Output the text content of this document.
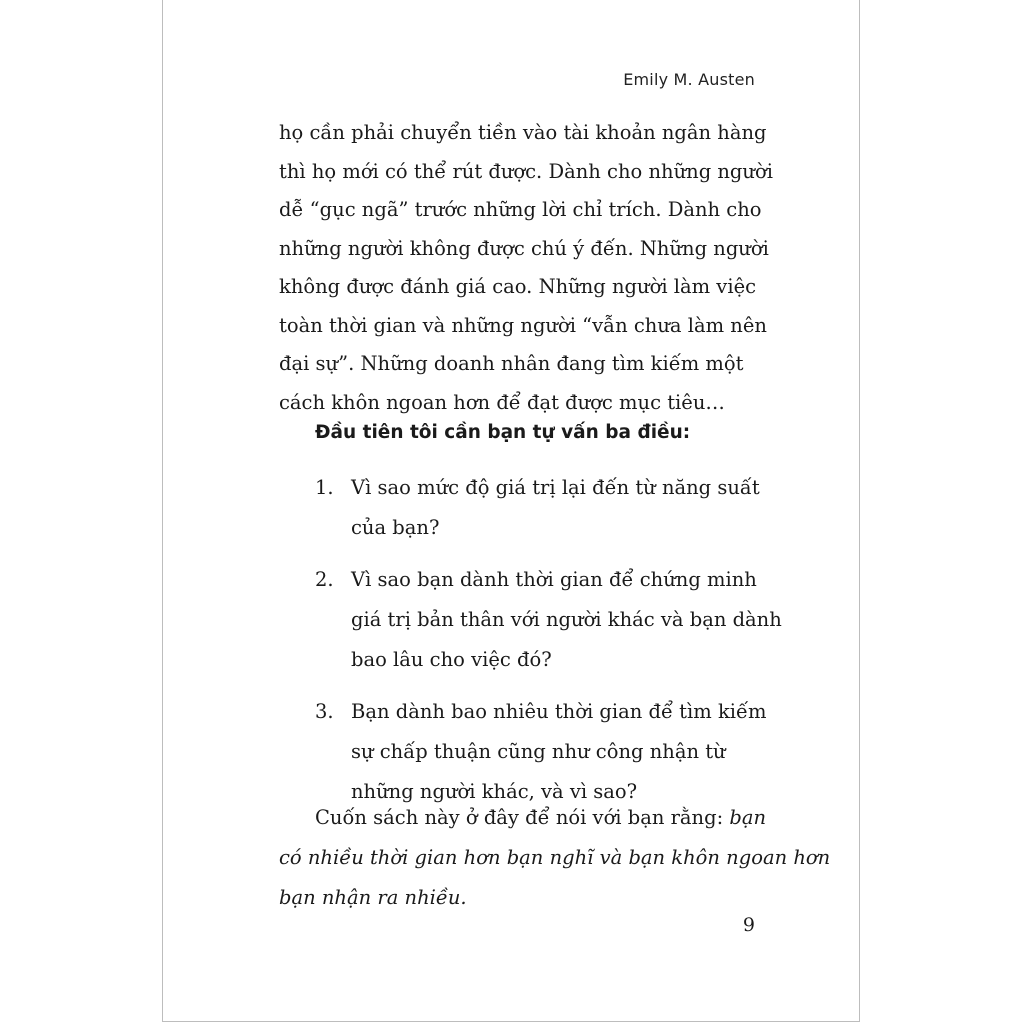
Emily M. Austen
họ cần phải chuyển tiền vào tài khoản ngân hàng
thì họ mới có thể rút được. Dành cho những người
dễ “gục ngã” trước những lời chỉ trích. Dành cho
những người không được chú ý đến. Những người
không được đánh giá cao. Những người làm việc
toàn thời gian và những người “vẫn chưa làm nên
đại sự”. Những doanh nhân đang tìm kiếm một
cách khôn ngoan hơn để đạt được mục tiêu…
Đầu tiên tôi cần bạn tự vấn ba điều:
1. Vì sao mức độ giá trị lại đến từ năng suất
của bạn?
2. Vì sao bạn dành thời gian để chứng minh
giá trị bản thân với người khác và bạn dành
bao lâu cho việc đó?
3. Bạn dành bao nhiêu thời gian để tìm kiếm
sự chấp thuận cũng như công nhận từ
những người khác, và vì sao?
Cuốn sách này ở đây để nói với bạn rằng: bạn
có nhiều thời gian hơn bạn nghĩ và bạn khôn ngoan hơn
bạn nhận ra nhiều.
9
